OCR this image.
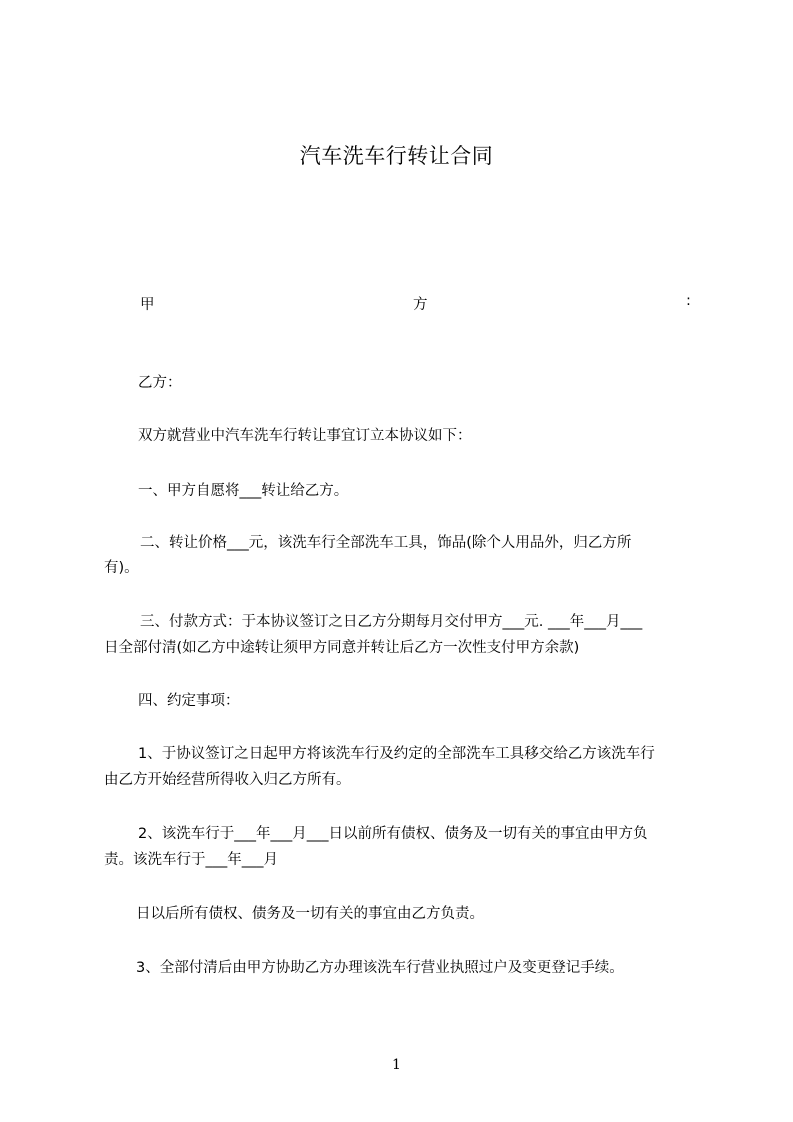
汽车洗车行转让合同
甲	方	:
乙方：
双方就营业中汽车洗车行转让事宜订立本协议如下：
一、甲方自愿将___转让给乙方。
二、转让价格___元，该洗车行全部洗车工具，饰品(除个人用品外，归乙方所
有)。
三、付款方式：于本协议签订之日乙方分期每月交付甲方___元. ___年___月___
日全部付清(如乙方中途转让须甲方同意并转让后乙方一次性支付甲方余款)
四、约定事项：
1、于协议签订之日起甲方将该洗车行及约定的全部洗车工具移交给乙方该洗车行
由乙方开始经营所得收入归乙方所有。
2、该洗车行于___年___月___日以前所有债权、债务及一切有关的事宜由甲方负
责。该洗车行于___年___月
日以后所有债权、债务及一切有关的事宜由乙方负责。
3、全部付清后由甲方协助乙方办理该洗车行营业执照过户及变更登记手续。
1
